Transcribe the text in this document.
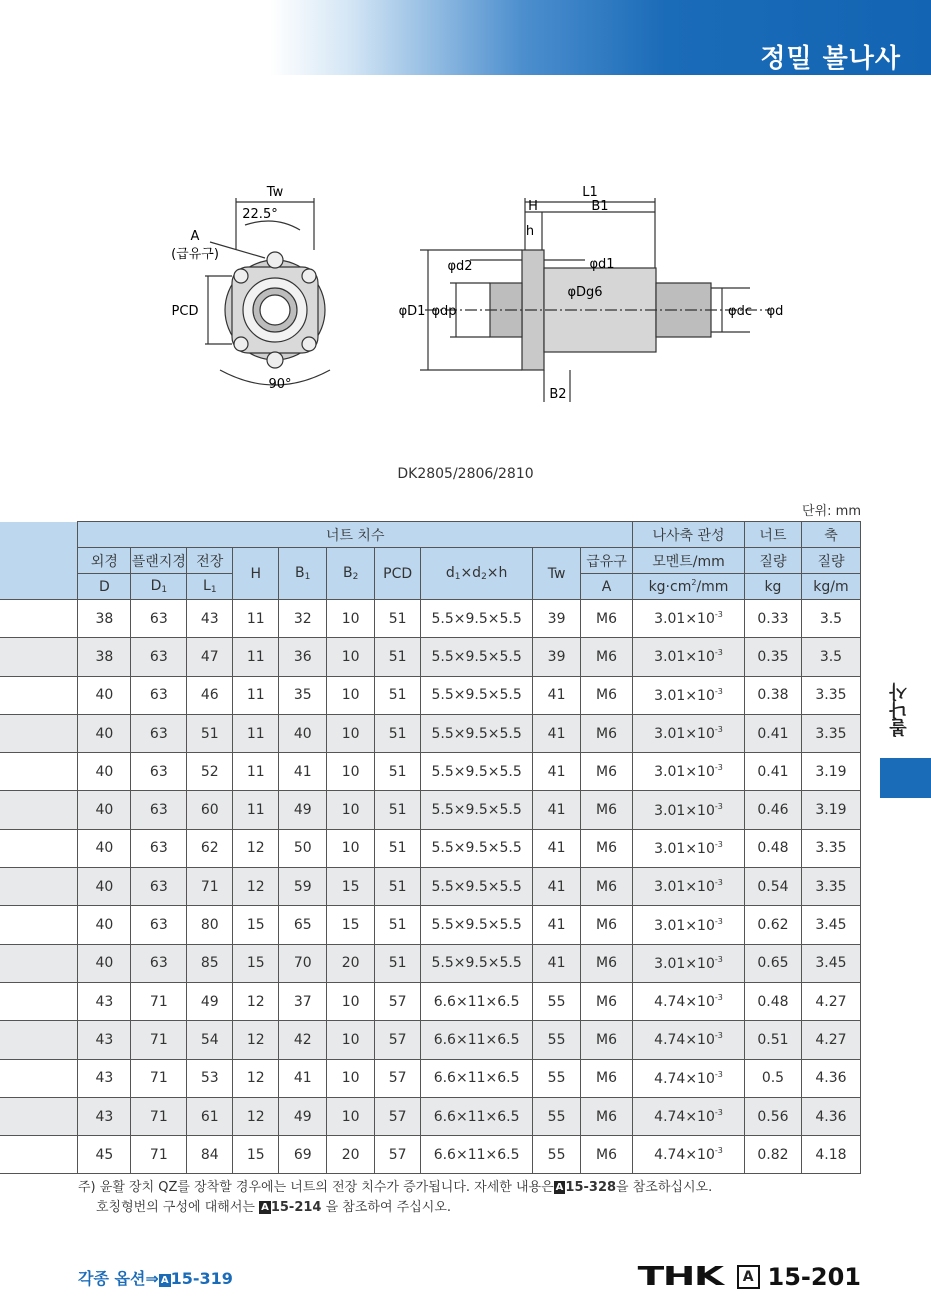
정밀 볼나사
Tw
22.5°
A
(급유구)
PCD
90°
L1
H	B1
h
φd2	φd1
φDg6
φD1 φdp	φdc φd
B2
DK2805/2806/2810
단위: mm
	너트 치수										나사축 관성	너트	축
	외경	플랜지경	전장	H	$B_1$	$B_2$	PCD	$d_1\times d_2\times h$	Tw	급유구	모멘트/mm	질량	질량
	D	$D_1$	$L_1$							A	$kg\cdot cm^2/mm$	kg	kg/m
	38	63	43	11	32	10	51	5.5×9.5×5.5	39	M6	$3.01\times 10^{-3}$	0.33	3.5
	38	63	47	11	36	10	51	5.5×9.5×5.5	39	M6	$3.01\times 10^{-3}$	0.35	3.5
	40	63	46	11	35	10	51	5.5×9.5×5.5	41	M6	$3.01\times 10^{-3}$	0.38	3.35
	40	63	51	11	40	10	51	5.5×9.5×5.5	41	M6	$3.01\times 10^{-3}$	0.41	3.35
	40	63	52	11	41	10	51	5.5×9.5×5.5	41	M6	$3.01\times 10^{-3}$	0.41	3.19
	40	63	60	11	49	10	51	5.5×9.5×5.5	41	M6	$3.01\times 10^{-3}$	0.46	3.19
	40	63	62	12	50	10	51	5.5×9.5×5.5	41	M6	$3.01\times 10^{-3}$	0.48	3.35
	40	63	71	12	59	15	51	5.5×9.5×5.5	41	M6	$3.01\times 10^{-3}$	0.54	3.35
	40	63	80	15	65	15	51	5.5×9.5×5.5	41	M6	$3.01\times 10^{-3}$	0.62	3.45
	40	63	85	15	70	20	51	5.5×9.5×5.5	41	M6	$3.01\times 10^{-3}$	0.65	3.45
	43	71	49	12	37	10	57	6.6×11×6.5	55	M6	$4.74\times 10^{-3}$	0.48	4.27
	43	71	54	12	42	10	57	6.6×11×6.5	55	M6	$4.74\times 10^{-3}$	0.51	4.27
	43	71	53	12	41	10	57	6.6×11×6.5	55	M6	$4.74\times 10^{-3}$	0.5	4.36
	43	71	61	12	49	10	57	6.6×11×6.5	55	M6	$4.74\times 10^{-3}$	0.56	4.36
	45	71	84	15	69	20	57	6.6×11×6.5	55	M6	$4.74\times 10^{-3}$	0.82	4.18
주) 윤활 장치 QZ를 장착할 경우에는 너트의 전장 치수가 증가됩니다. 자세한 내용은 A 15-328을 참조하십시오.
호칭형번의 구성에 대해서는 A 15-214 을 참조하여 주십시오.
볼나사
각종 옵션⇒ A 15-319	THK	A 15-201
